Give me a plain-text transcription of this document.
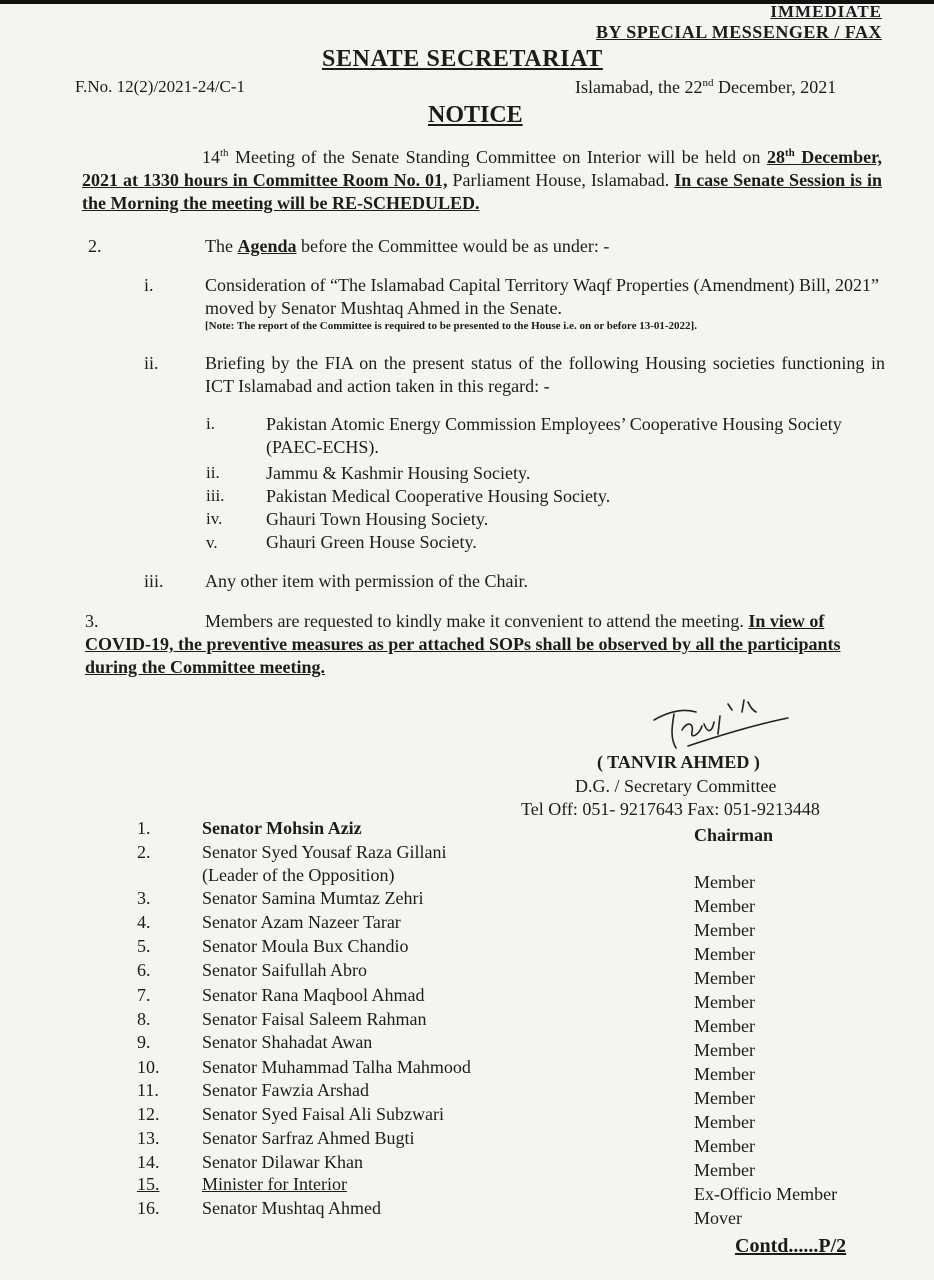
IMMEDIATE
BY SPECIAL MESSENGER / FAX
SENATE SECRETARIAT
F.No. 12(2)/2021-24/C-1	Islamabad, the 22nd December, 2021
NOTICE
14th Meeting of the Senate Standing Committee on Interior will be held on 28th December, 2021 at 1330 hours in Committee Room No. 01, Parliament House, Islamabad. In case Senate Session is in the Morning the meeting will be RE-SCHEDULED.
2.	The Agenda before the Committee would be as under: -
i.	Consideration of “The Islamabad Capital Territory Waqf Properties (Amendment) Bill, 2021” moved by Senator Mushtaq Ahmed in the Senate.
[Note: The report of the Committee is required to be presented to the House i.e. on or before 13-01-2022].
ii.	Briefing by the FIA on the present status of the following Housing societies functioning in ICT Islamabad and action taken in this regard: -
i.	Pakistan Atomic Energy Commission Employees’ Cooperative Housing Society (PAEC-ECHS).
ii.	Jammu & Kashmir Housing Society.
iii. Pakistan Medical Cooperative Housing Society.
iv. Ghauri Town Housing Society.
v.	Ghauri Green House Society.
iii. Any other item with permission of the Chair.
3.	Members are requested to kindly make it convenient to attend the meeting. In view of COVID-19, the preventive measures as per attached SOPs shall be observed by all the participants during the Committee meeting.
( TANVIR AHMED )
D.G. / Secretary Committee
Tel Off: 051- 9217643 Fax: 051-9213448
1.	Senator Mohsin Aziz	Chairman
2.	Senator Syed Yousaf Raza Gillani
(Leader of the Opposition)	Member
3.	Senator Samina Mumtaz Zehri	Member
4.	Senator Azam Nazeer Tarar	Member
5.	Senator Moula Bux Chandio	Member
6.	Senator Saifullah Abro	Member
7.	Senator Rana Maqbool Ahmad	Member
8.	Senator Faisal Saleem Rahman	Member
9.	Senator Shahadat Awan	Member
10. Senator Muhammad Talha Mahmood	Member
11. Senator Fawzia Arshad	Member
12. Senator Syed Faisal Ali Subzwari	Member
13. Senator Sarfraz Ahmed Bugti	Member
14. Senator Dilawar Khan	Member
15. Minister for Interior	Ex-Officio Member
16. Senator Mushtaq Ahmed	Mover
Contd......P/2
